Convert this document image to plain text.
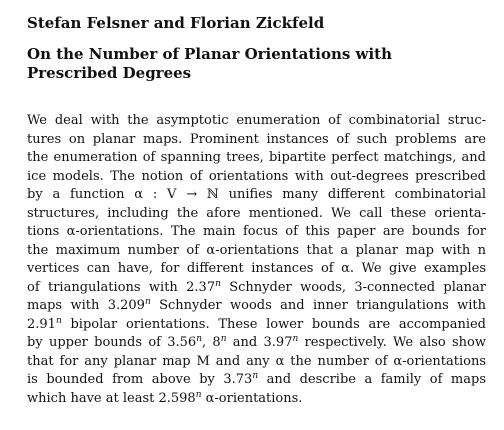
Stefan Felsner and Florian Zickfeld

On the Number of Planar Orientations with Prescribed Degrees

We deal with the asymptotic enumeration of combinatorial struc-
tures on planar maps. Prominent instances of such problems are
the enumeration of spanning trees, bipartite perfect matchings, and
ice models. The notion of orientations with out-degrees prescribed
by a function α : V → ℕ unifies many different combinatorial
structures, including the afore mentioned. We call these orienta-
tions α-orientations. The main focus of this paper are bounds for
the maximum number of α-orientations that a planar map with n
vertices can have, for different instances of α. We give examples
of triangulations with 2.37$^n$ Schnyder woods, 3-connected planar
maps with 3.209$^n$ Schnyder woods and inner triangulations with
2.91$^n$ bipolar orientations. These lower bounds are accompanied
by upper bounds of 3.56$^n$, 8$^n$ and 3.97$^n$ respectively. We also show
that for any planar map M and any α the number of α-orientations
is bounded from above by 3.73$^n$ and describe a family of maps
which have at least 2.598$^n$ α-orientations.
